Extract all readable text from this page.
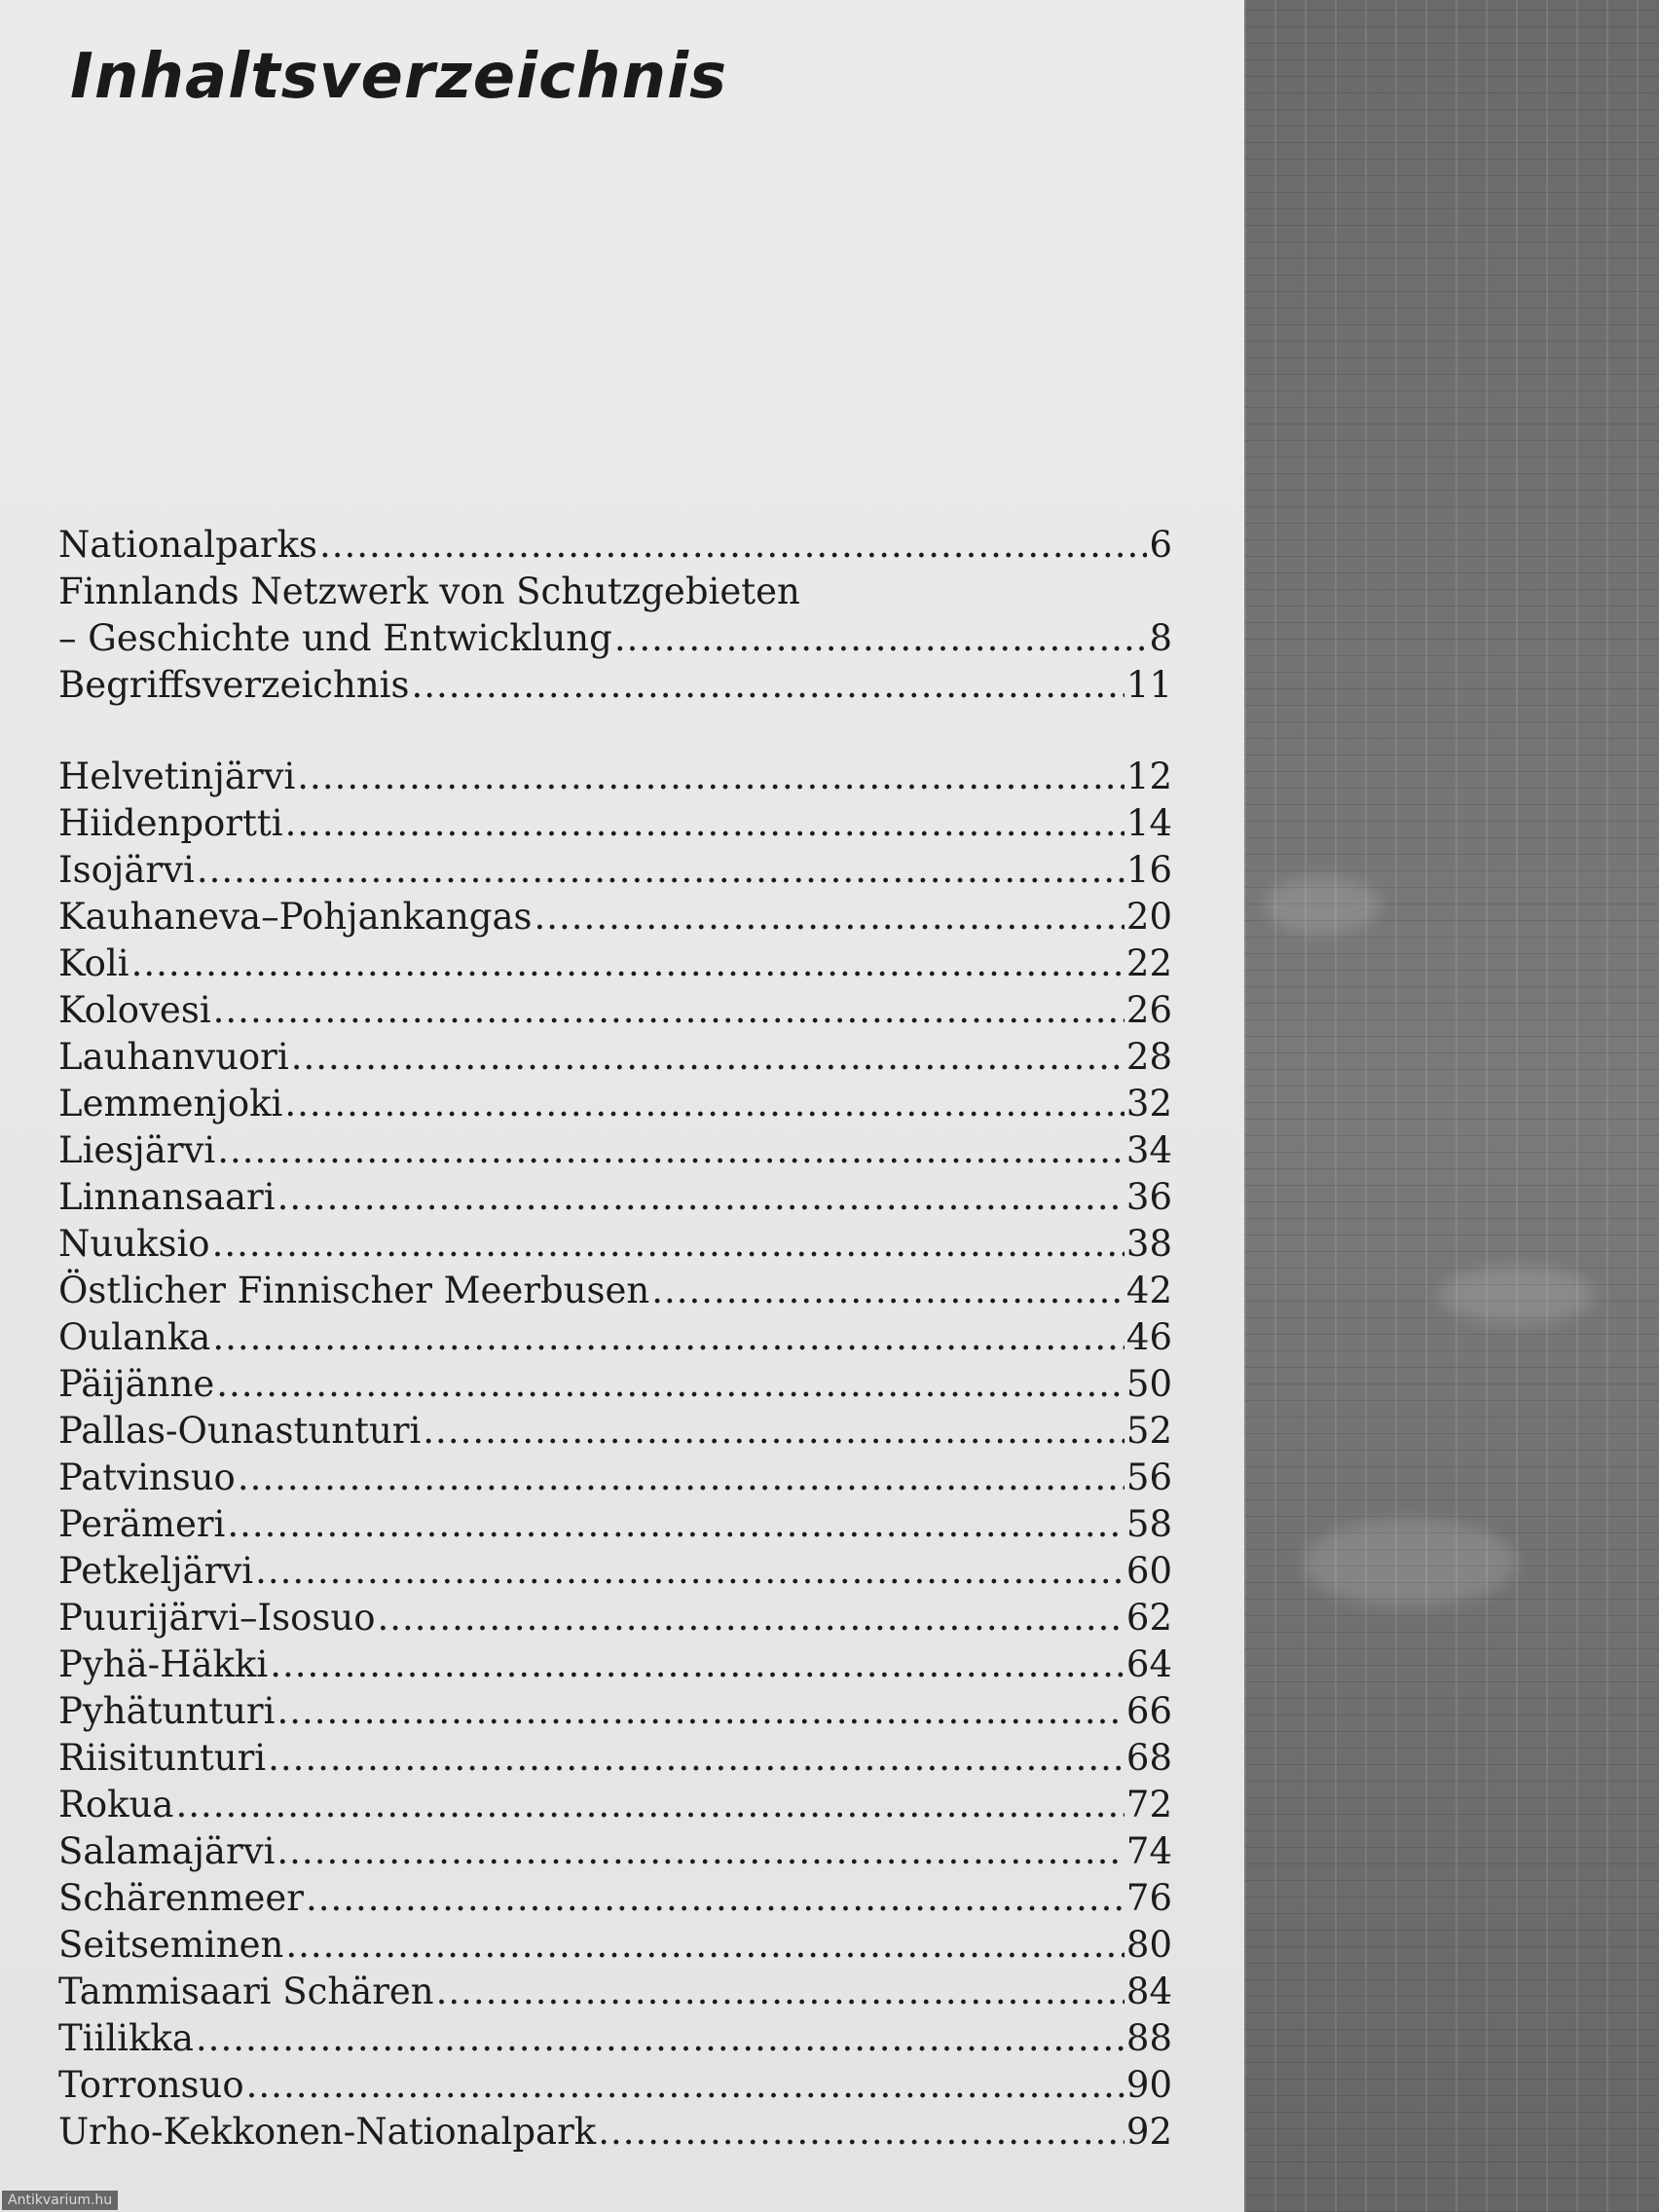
Inhaltsverzeichnis
Nationalparks .....	6
Finnlands Netzwerk von Schutzgebieten
– Geschichte und Entwicklung .....	8
Begriffsverzeichnis .....	11
Helvetinjärvi .....	12
Hiidenportti .....	14
Isojärvi .....	16
Kauhaneva–Pohjankangas .....	20
Koli .....	22
Kolovesi .....	26
Lauhanvuori .....	28
Lemmenjoki .....	32
Liesjärvi .....	34
Linnansaari .....	36
Nuuksio .....	38
Östlicher Finnischer Meerbusen .....	42
Oulanka .....	46
Päijänne .....	50
Pallas-Ounastunturi .....	52
Patvinsuo .....	56
Perämeri .....	58
Petkeljärvi .....	60
Puurijärvi–Isosuo .....	62
Pyhä-Häkki .....	64
Pyhätunturi .....	66
Riisitunturi .....	68
Rokua .....	72
Salamajärvi .....	74
Schärenmeer .....	76
Seitseminen .....	80
Tammisaari Schären .....	84
Tiilikka .....	88
Torronsuo .....	90
Urho-Kekkonen-Nationalpark .....	92
Antikvarium.hu
